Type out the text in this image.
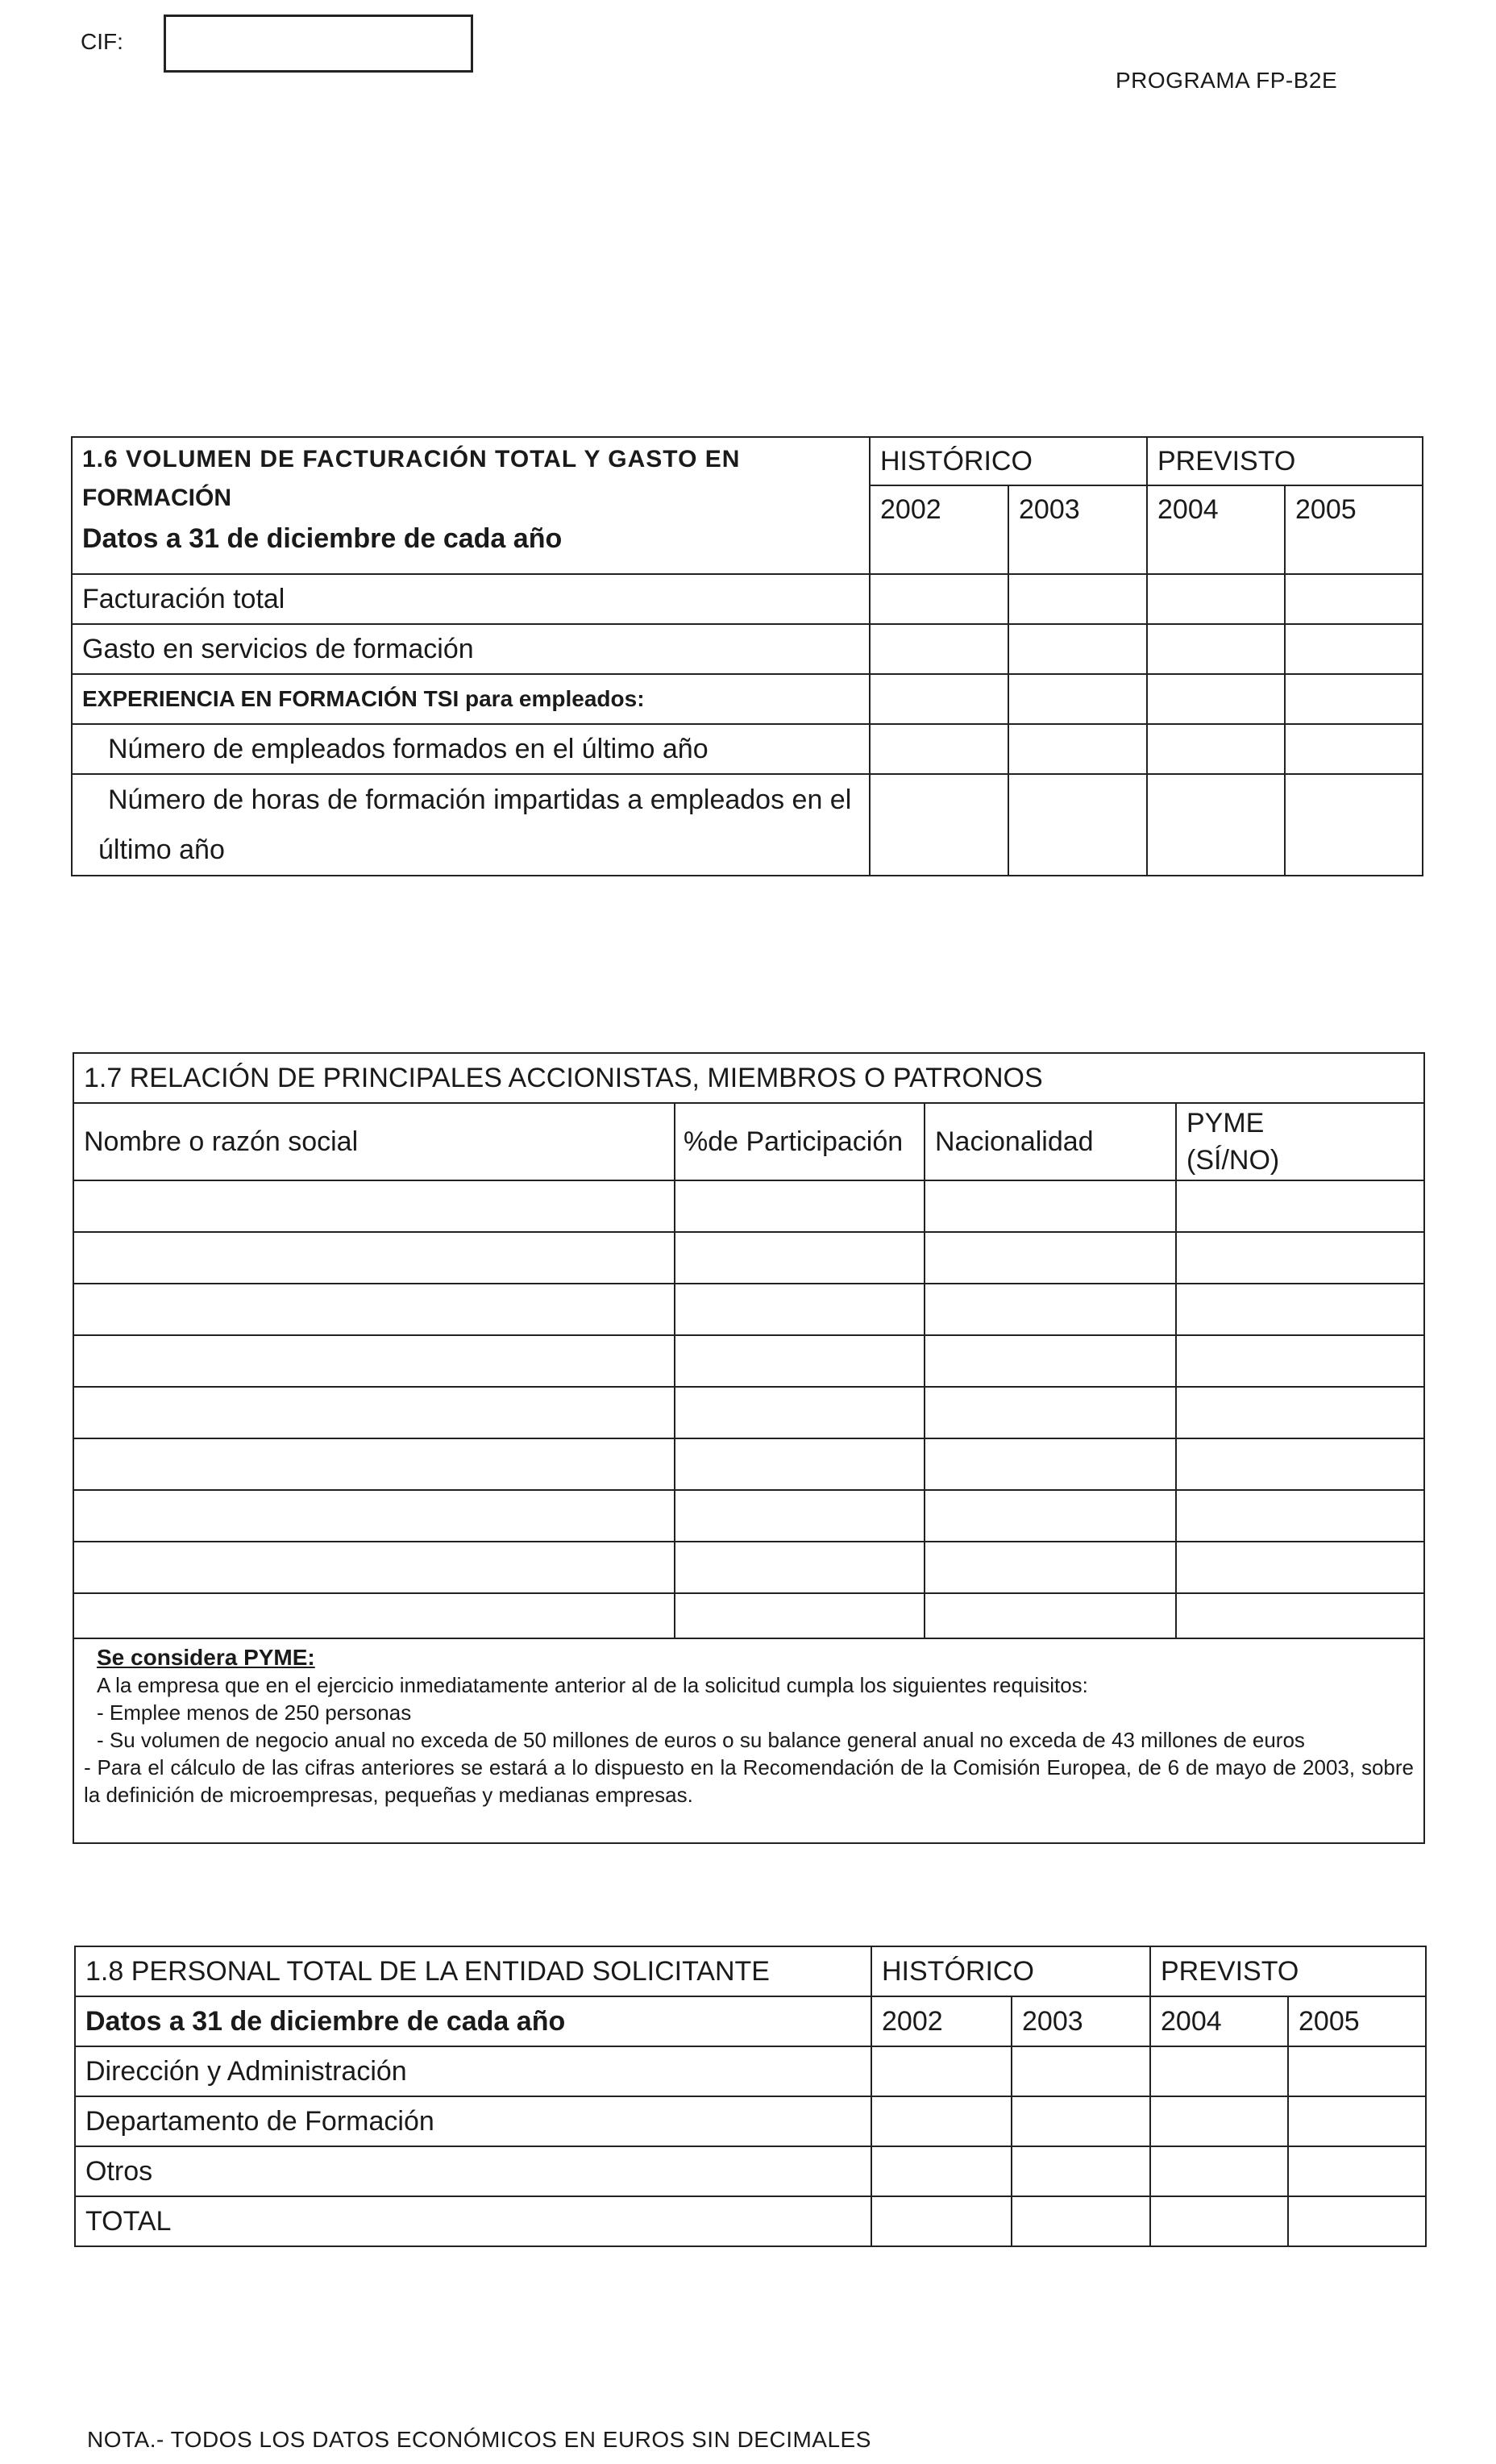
CIF:
PROGRAMA FP-B2E
1.6 VOLUMEN DE FACTURACIÓN TOTAL Y GASTO EN
FORMACIÓN
Datos a 31 de diciembre de cada año	HISTÓRICO		PREVISTO	
	2002	2003	2004	2005
Facturación total				
Gasto en servicios de formación				
EXPERIENCIA EN FORMACIÓN TSI para empleados:				
Número de empleados formados en el último año				
Número de horas de formación impartidas a empleados en el último año				
1.7 RELACIÓN DE PRINCIPALES ACCIONISTAS, MIEMBROS O PATRONOS			
Nombre o razón social	%de Participación	Nacionalidad	PYME (SÍ/NO)

Se considera PYME:
A la empresa que en el ejercicio inmediatamente anterior al de la solicitud cumpla los siguientes requisitos:
- Emplee menos de 250 personas
- Su volumen de negocio anual no exceda de 50 millones de euros o su balance general anual no exceda de 43 millones de euros
- Para el cálculo de las cifras anteriores se estará a lo dispuesto en la Recomendación de la Comisión Europea, de 6 de mayo de 2003, sobre la definición de microempresas, pequeñas y medianas empresas.			
1.8 PERSONAL TOTAL DE LA ENTIDAD SOLICITANTE	HISTÓRICO		PREVISTO	
Datos a 31 de diciembre de cada año	2002	2003	2004	2005
Dirección y Administración				
Departamento de Formación				
Otros				
TOTAL				
NOTA.- TODOS LOS DATOS ECONÓMICOS EN EUROS SIN DECIMALES
